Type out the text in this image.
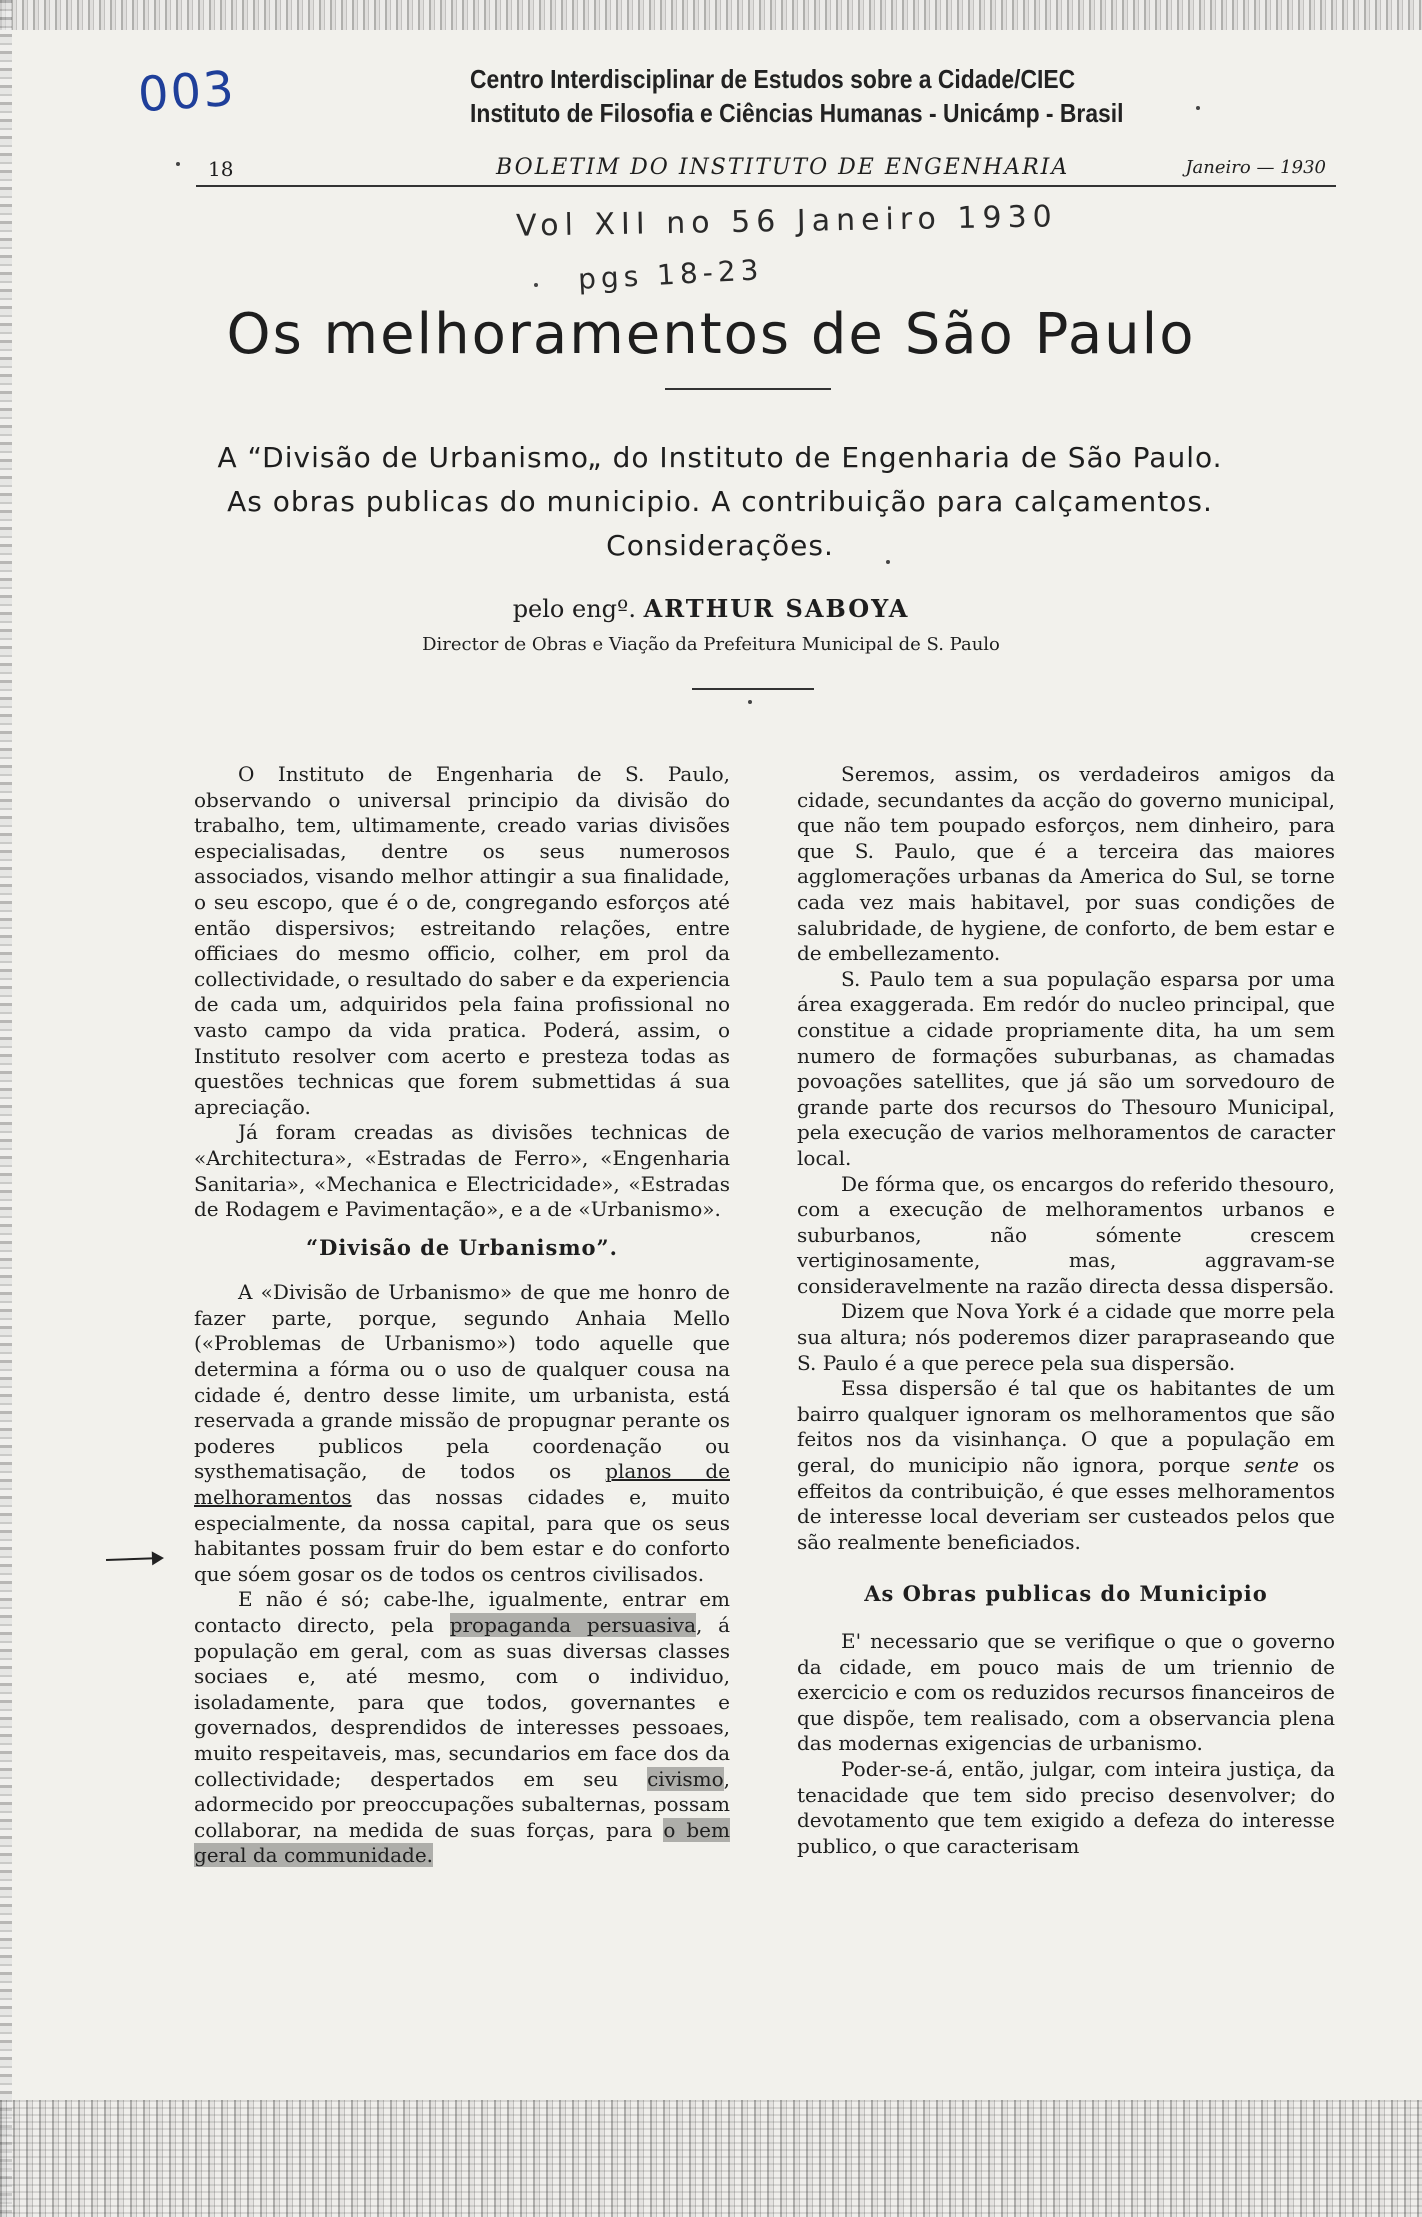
003	Centro Interdisciplinar de Estudos sobre a Cidade/CIEC
Instituto de Filosofia e Ciências Humanas - Unicámp - Brasil
18	BOLETIM DO INSTITUTO DE ENGENHARIA	Janeiro — 1930
Vol XII no 56 Janeiro 1930
pgs 18-23
Os melhoramentos de São Paulo
A “Divisão de Urbanismo„ do Instituto de Engenharia de São Paulo. As obras publicas do municipio. A contribuição para calçamentos. Considerações.
pelo engº. ARTHUR SABOYA
Director de Obras e Viação da Prefeitura Municipal de S. Paulo

O Instituto de Engenharia de S. Paulo, observando o universal principio da divisão do trabalho, tem, ultimamente, creado varias divisões especialisadas, dentre os seus numerosos associados, visando melhor attingir a sua finalidade, o seu escopo, que é o de, congregando esforços até então dispersivos; estreitando relações, entre officiaes do mesmo officio, colher, em prol da collectividade, o resultado do saber e da experiencia de cada um, adquiridos pela faina profissional no vasto campo da vida pratica. Poderá, assim, o Instituto resolver com acerto e presteza todas as questões technicas que forem submettidas á sua apreciação.

Já foram creadas as divisões technicas de «Architectura», «Estradas de Ferro», «Engenharia Sanitaria», «Mechanica e Electricidade», «Estradas de Rodagem e Pavimentação», e a de «Urbanismo».

“Divisão de Urbanismo”.

A «Divisão de Urbanismo» de que me honro de fazer parte, porque, segundo Anhaia Mello («Problemas de Urbanismo») todo aquelle que determina a fórma ou o uso de qualquer cousa na cidade é, dentro desse limite, um urbanista, está reservada a grande missão de propugnar perante os poderes publicos pela coordenação ou systhematisação, de todos os planos de melhoramentos das nossas cidades e, muito especialmente, da nossa capital, para que os seus habitantes possam fruir do bem estar e do conforto que sóem gosar os de todos os centros civilisados.

E não é só; cabe-lhe, igualmente, entrar em contacto directo, pela propaganda persuasiva, á população em geral, com as suas diversas classes sociaes e, até mesmo, com o individuo, isoladamente, para que todos, governantes e governados, desprendidos de interesses pessoaes, muito respeitaveis, mas, secundarios em face dos da collectividade; despertados em seu civismo, adormecido por preoccupações subalternas, possam collaborar, na medida de suas forças, para o bem geral da communidade.

Seremos, assim, os verdadeiros amigos da cidade, secundantes da acção do governo municipal, que não tem poupado esforços, nem dinheiro, para que S. Paulo, que é a terceira das maiores agglomerações urbanas da America do Sul, se torne cada vez mais habitavel, por suas condições de salubridade, de hygiene, de conforto, de bem estar e de embellezamento.

S. Paulo tem a sua população esparsa por uma área exaggerada. Em redór do nucleo principal, que constitue a cidade propriamente dita, ha um sem numero de formações suburbanas, as chamadas povoações satellites, que já são um sorvedouro de grande parte dos recursos do Thesouro Municipal, pela execução de varios melhoramentos de caracter local.

De fórma que, os encargos do referido thesouro, com a execução de melhoramentos urbanos e suburbanos, não sómente crescem vertiginosamente, mas, aggravam-se consideravelmente na razão directa dessa dispersão.

Dizem que Nova York é a cidade que morre pela sua altura; nós poderemos dizer parapraseando que S. Paulo é a que perece pela sua dispersão.

Essa dispersão é tal que os habitantes de um bairro qualquer ignoram os melhoramentos que são feitos nos da visinhança. O que a população em geral, do municipio não ignora, porque sente os effeitos da contribuição, é que esses melhoramentos de interesse local deveriam ser custeados pelos que são realmente beneficiados.

As Obras publicas do Municipio

E' necessario que se verifique o que o governo da cidade, em pouco mais de um triennio de exercicio e com os reduzidos recursos financeiros de que dispõe, tem realisado, com a observancia plena das modernas exigencias de urbanismo.

Poder-se-á, então, julgar, com inteira justiça, da tenacidade que tem sido preciso desenvolver; do devotamento que tem exigido a defeza do interesse publico, o que caracterisam
